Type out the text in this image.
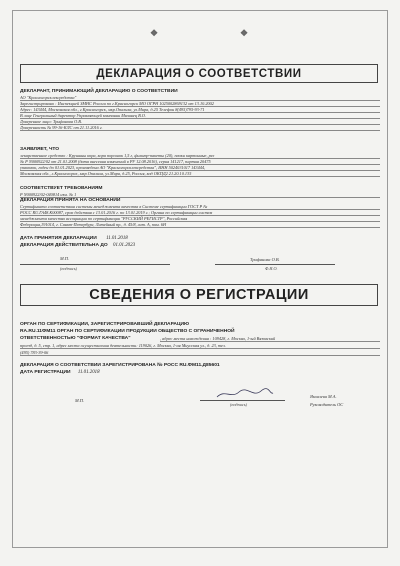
❖	❖
ДЕКЛАРАЦИЯ О СООТВЕТСТВИИ
ДЕКЛАРАНТ, ПРИНИМАЮЩИЙ ДЕКЛАРАЦИЮ О СООТВЕТСТВИИ
АО "Красногорсклексредства"
Зарегистрировано : Инспекцией ЗМНС России по г.Красногорск МО ОГРН 1025002869132 от 13.10.2002
Адрес: 143444, Московская обл., г.Красногорск, мкр.Опалиха, ул.Мира, д.25 Телефон 8(495)795-93-71
В лице Генеральный директор Управляющей компании Мизинец В.О.
Доверенное лицо: Трифанова О.В.
Доверенность № 99-16-КЛС от 21.11.2016 г.
ЗАЯВЛЯЕТ, ЧТО
лекарственное средство : Крушины кора, кора порошок 1,5 г, фильтр-пакеты (20), пачки картонные, рег
№ Р N000922/02 от 21.01.2008 (дата внесения изменений в РУ 12.08.2016), серия 141217, партия 20475
упаковок, годен до 01.01.2023, произведена АО "Красногорсклексредства", ИНН 5024031017 143444,
Московская обл., г.Красногорск, мкр.Опалиха, ул.Мира, д.25, Россия, код ОКПД2 21.20.10.135
СООТВЕТСТВУЕТ ТРЕБОВАНИЯМ
Р N000922/02-040814 изм. № 1
ДЕКЛАРАЦИЯ ПРИНЯТА НА ОСНОВАНИИ
Сертификата соответствия системы менеджмента качества в Системе сертификации ГОСТ Р №
РОСС RU.ГА48.К00087, срок действия с 13.01.2016 г. по 13.01.2019 г.; Органа по сертификации систем
менеджмента качества ассоциации по сертификации "РУССКИЙ РЕГИСТР", Российская
Федерация,191014, г. Санкт-Петербург, Литейный пр., д. 45/8, лит. А, пом. 6Н
ДАТА ПРИНЯТИЯ ДЕКЛАРАЦИИ 11.01.2018
ДЕКЛАРАЦИЯ ДЕЙСТВИТЕЛЬНА ДО 01.01.2023
М.П.
(подпись)
Трифанова О.В.
Ф.И.О.
СВЕДЕНИЯ О РЕГИСТРАЦИИ
ОРГАН ПО СЕРТИФИКАЦИИ, ЗАРЕГИСТРИРОВАВШИЙ ДЕКЛАРАЦИЮ
RA.RU.11ФМ11 ОРГАН ПО СЕРТИФИКАЦИИ ПРОДУКЦИИ ОБЩЕСТВО С ОГРАНИЧЕННОЙ
ОТВЕТСТВЕННОСТЬЮ "ФОРМАТ КАЧЕСТВА"	, адрес места нахождения : 109428, г. Москва, 1-ый Вязовский
проезд, д. 5, стр. 1, адрес места осуществления деятельности: 119026, г. Москва, 1-ая Миусская ул., д. 23, тел.
(495) 783-39-06
ДЕКЛАРАЦИЯ О СООТВЕТСТВИИ ЗАРЕГИСТРИРОВАНА № РОСС RU.ФМ11.Д85601
ДАТА РЕГИСТРАЦИИ 11.01.2018
М.П.
(подпись)
Яковлева М.А.
Руководитель ОС
